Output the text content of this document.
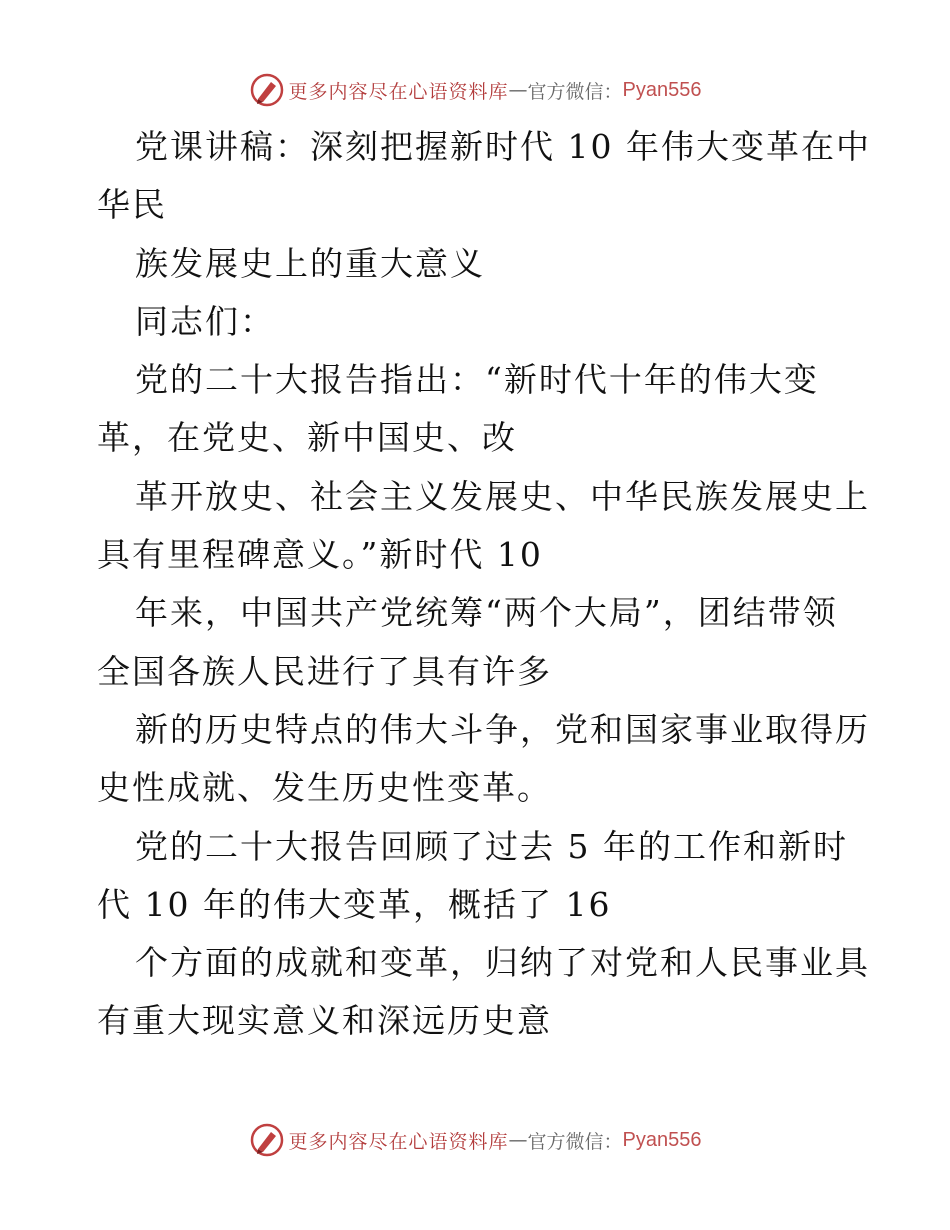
更多内容尽在心语资料库 — 官方微信： Pyan556
党课讲稿：深刻把握新时代 10 年伟大变革在中
华民
族发展史上的重大意义
同志们：
党的二十大报告指出：“新时代十年的伟大变
革，在党史、新中国史、改
革开放史、社会主义发展史、中华民族发展史上
具有里程碑意义。”新时代 10
年来，中国共产党统筹“两个大局”，团结带领
全国各族人民进行了具有许多
新的历史特点的伟大斗争，党和国家事业取得历
史性成就、发生历史性变革。
党的二十大报告回顾了过去 5 年的工作和新时
代 10 年的伟大变革，概括了 16
个方面的成就和变革，归纳了对党和人民事业具
有重大现实意义和深远历史意
更多内容尽在心语资料库 — 官方微信： Pyan556
